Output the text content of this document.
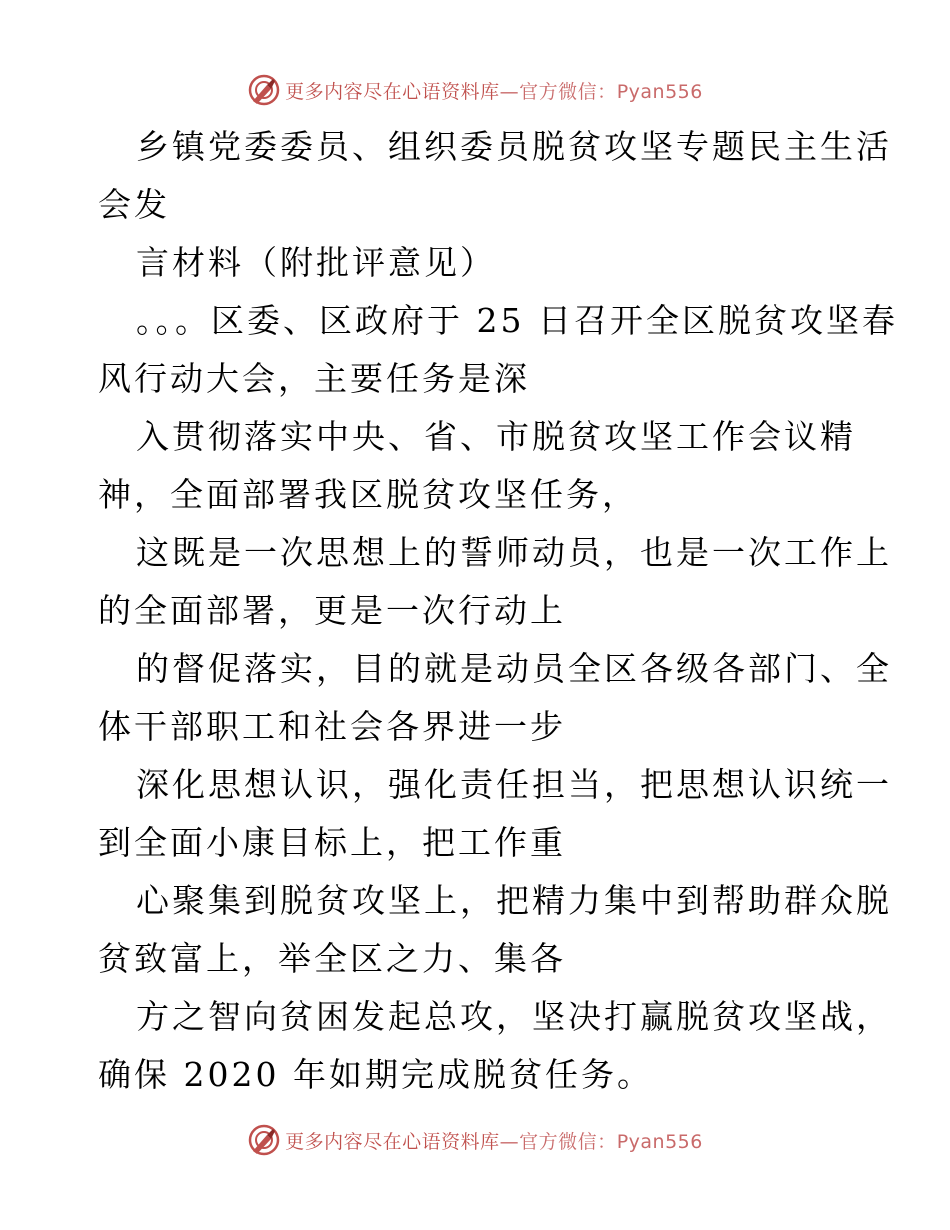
更多内容尽在心语资料库—官方微信：Pyan556
乡镇党委委员、组织委员脱贫攻坚专题民主生活
会发
言材料（附批评意见）
。。。区委、区政府于 25 日召开全区脱贫攻坚春
风行动大会，主要任务是深
入贯彻落实中央、省、市脱贫攻坚工作会议精
神，全面部署我区脱贫攻坚任务，
这既是一次思想上的誓师动员，也是一次工作上
的全面部署，更是一次行动上
的督促落实，目的就是动员全区各级各部门、全
体干部职工和社会各界进一步
深化思想认识，强化责任担当，把思想认识统一
到全面小康目标上，把工作重
心聚集到脱贫攻坚上，把精力集中到帮助群众脱
贫致富上，举全区之力、集各
方之智向贫困发起总攻，坚决打赢脱贫攻坚战，
确保 2020 年如期完成脱贫任务。
更多内容尽在心语资料库—官方微信：Pyan556
